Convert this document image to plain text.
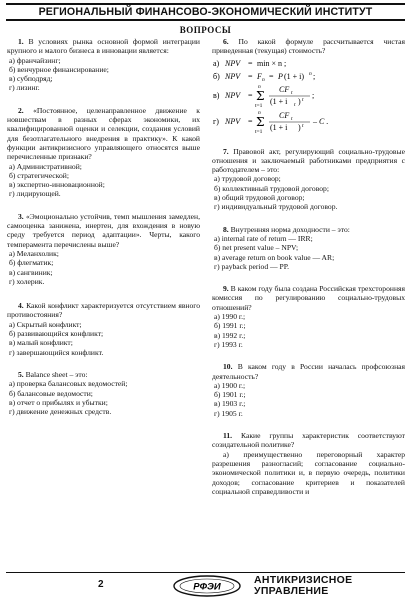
РЕГИОНАЛЬНЫЙ ФИНАНСОВО-ЭКОНОМИЧЕСКИЙ ИНСТИТУТ
ВОПРОСЫ
1. В условиях рынка основной формой интеграции крупного и малого бизнеса в инновации является:
а) франчайзинг;
б) венчурное финансирование;
в) субподряд;
г) лизинг.
2. «Постоянное, целенаправленное движение к новшествам в разных сферах экономики, их квалифицированной оценки и селекции, создания условий для безотлагательного внедрения в практику». К какой функции антикризисного управляющего относятся выше перечисленные признаки?
а) Административной;
б) стратегической;
в) экспертно-инновационной;
г) лидирующей.
3. «Эмоционально устойчив, темп мышления замедлен, самооценка занижена, инертен, для вхождения в новую среду требуется период адаптации». Черты, какого темперамента перечислены выше?
а) Меланхолик;
б) флегматик;
в) сангвиник;
г) холерик.
4. Какой конфликт характеризуется отсутствием явного противостояния?
а) Скрытый конфликт;
б) развивающийся конфликт;
в) малый конфликт;
г) завершающийся конфликт.
5. Balance sheet – это:
а) проверка балансовых ведомостей;
б) балансовые ведомости;
в) отчет о прибылях и убытки;
г) движение денежных средств.
6. По какой формуле рассчитывается чистая приведенная (текущая) стоимость?
а) NPV = min × n ;
б) NPV = F n = P (1 + i) n ;
в) NPV =
n
Σ
t=1
CF t
(1 + i t ) t ;
г) NPV =
n
Σ
t=1
CF t
(1 + i ) t – C .
7. Правовой акт, регулирующий социально-трудовые отношения и заключаемый работниками предприятия с работодателем – это:
а) трудовой договор;
б) коллективный трудовой договор;
в) общий трудовой договор;
г) индивидуальный трудовой договор.
8. Внутренняя норма доходности – это:
а) internal rate of return — IRR;
б) net present value – NPV;
в) average return on book value — AR;
г) payback period — PP.
9. В каком году была создана Российская трехсторонняя комиссия по регулированию социально-трудовых отношений?
а) 1990 г.;
б) 1991 г.;
в) 1992 г.;
г) 1993 г.
10. В каком году в России началась профсоюзная деятельность?
а) 1900 г.;
б) 1901 г.;
в) 1903 г.;
г) 1905 г.
11. Какие группы характеристик соответствуют созидательной политике?
а) преимущественно переговорный характер разрешения разногласий; согласование социально-экономической политики и, в первую очередь, политики доходов; согласование критериев и показателей социальной справедливости и
2	РФЭИ
АНТИКРИЗИСНОЕ
УПРАВЛЕНИЕ
